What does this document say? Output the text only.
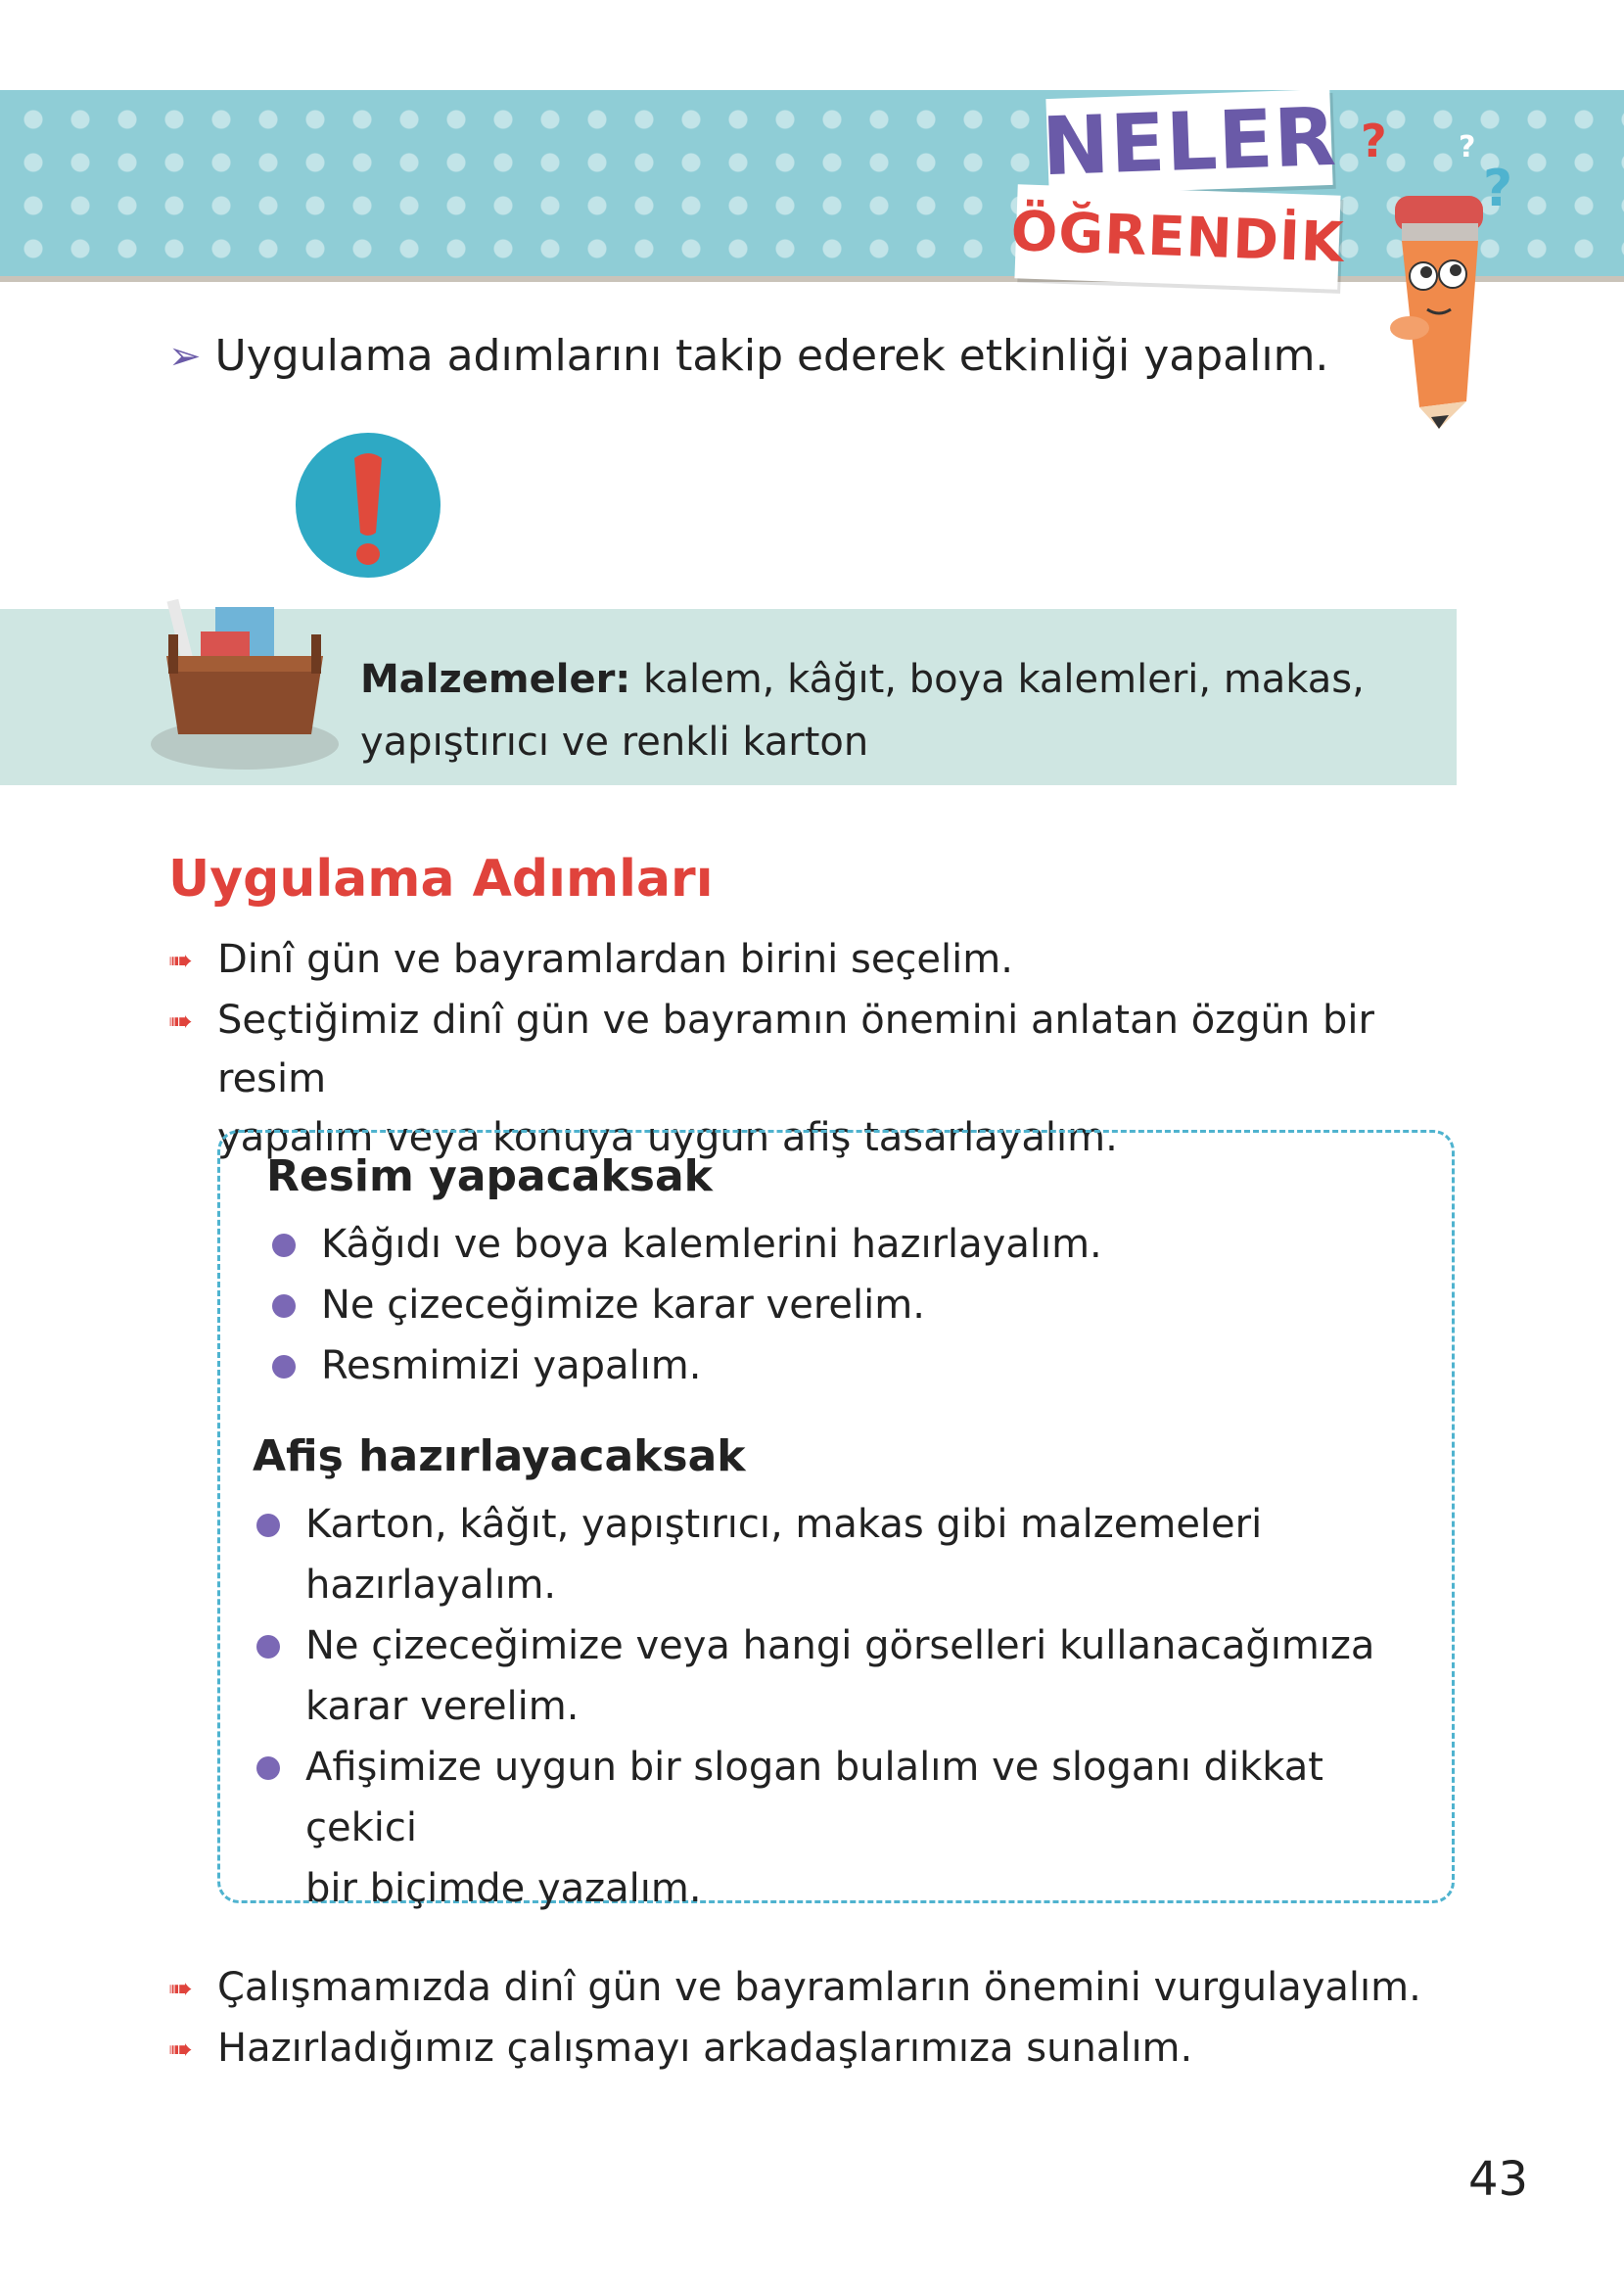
NELER
ÖĞRENDİK
?
?
?
➢ Uygulama adımlarını takip ederek etkinliği yapalım.
Malzemeler: kalem, kâğıt, boya kalemleri, makas,
yapıştırıcı ve renkli karton
Uygulama Adımları
➠ Dinî gün ve bayramlardan birini seçelim.
➠ Seçtiğimiz dinî gün ve bayramın önemini anlatan özgün bir resim
yapalım veya konuya uygun afiş tasarlayalım.
Resim yapacaksak
Kâğıdı ve boya kalemlerini hazırlayalım.
Ne çizeceğimize karar verelim.
Resmimizi yapalım.
Afiş hazırlayacaksak
Karton, kâğıt, yapıştırıcı, makas gibi malzemeleri
hazırlayalım.
Ne çizeceğimize veya hangi görselleri kullanacağımıza
karar verelim.
Afişimize uygun bir slogan bulalım ve sloganı dikkat çekici
bir biçimde yazalım.
➠ Çalışmamızda dinî gün ve bayramların önemini vurgulayalım.
➠ Hazırladığımız çalışmayı arkadaşlarımıza sunalım.
43
